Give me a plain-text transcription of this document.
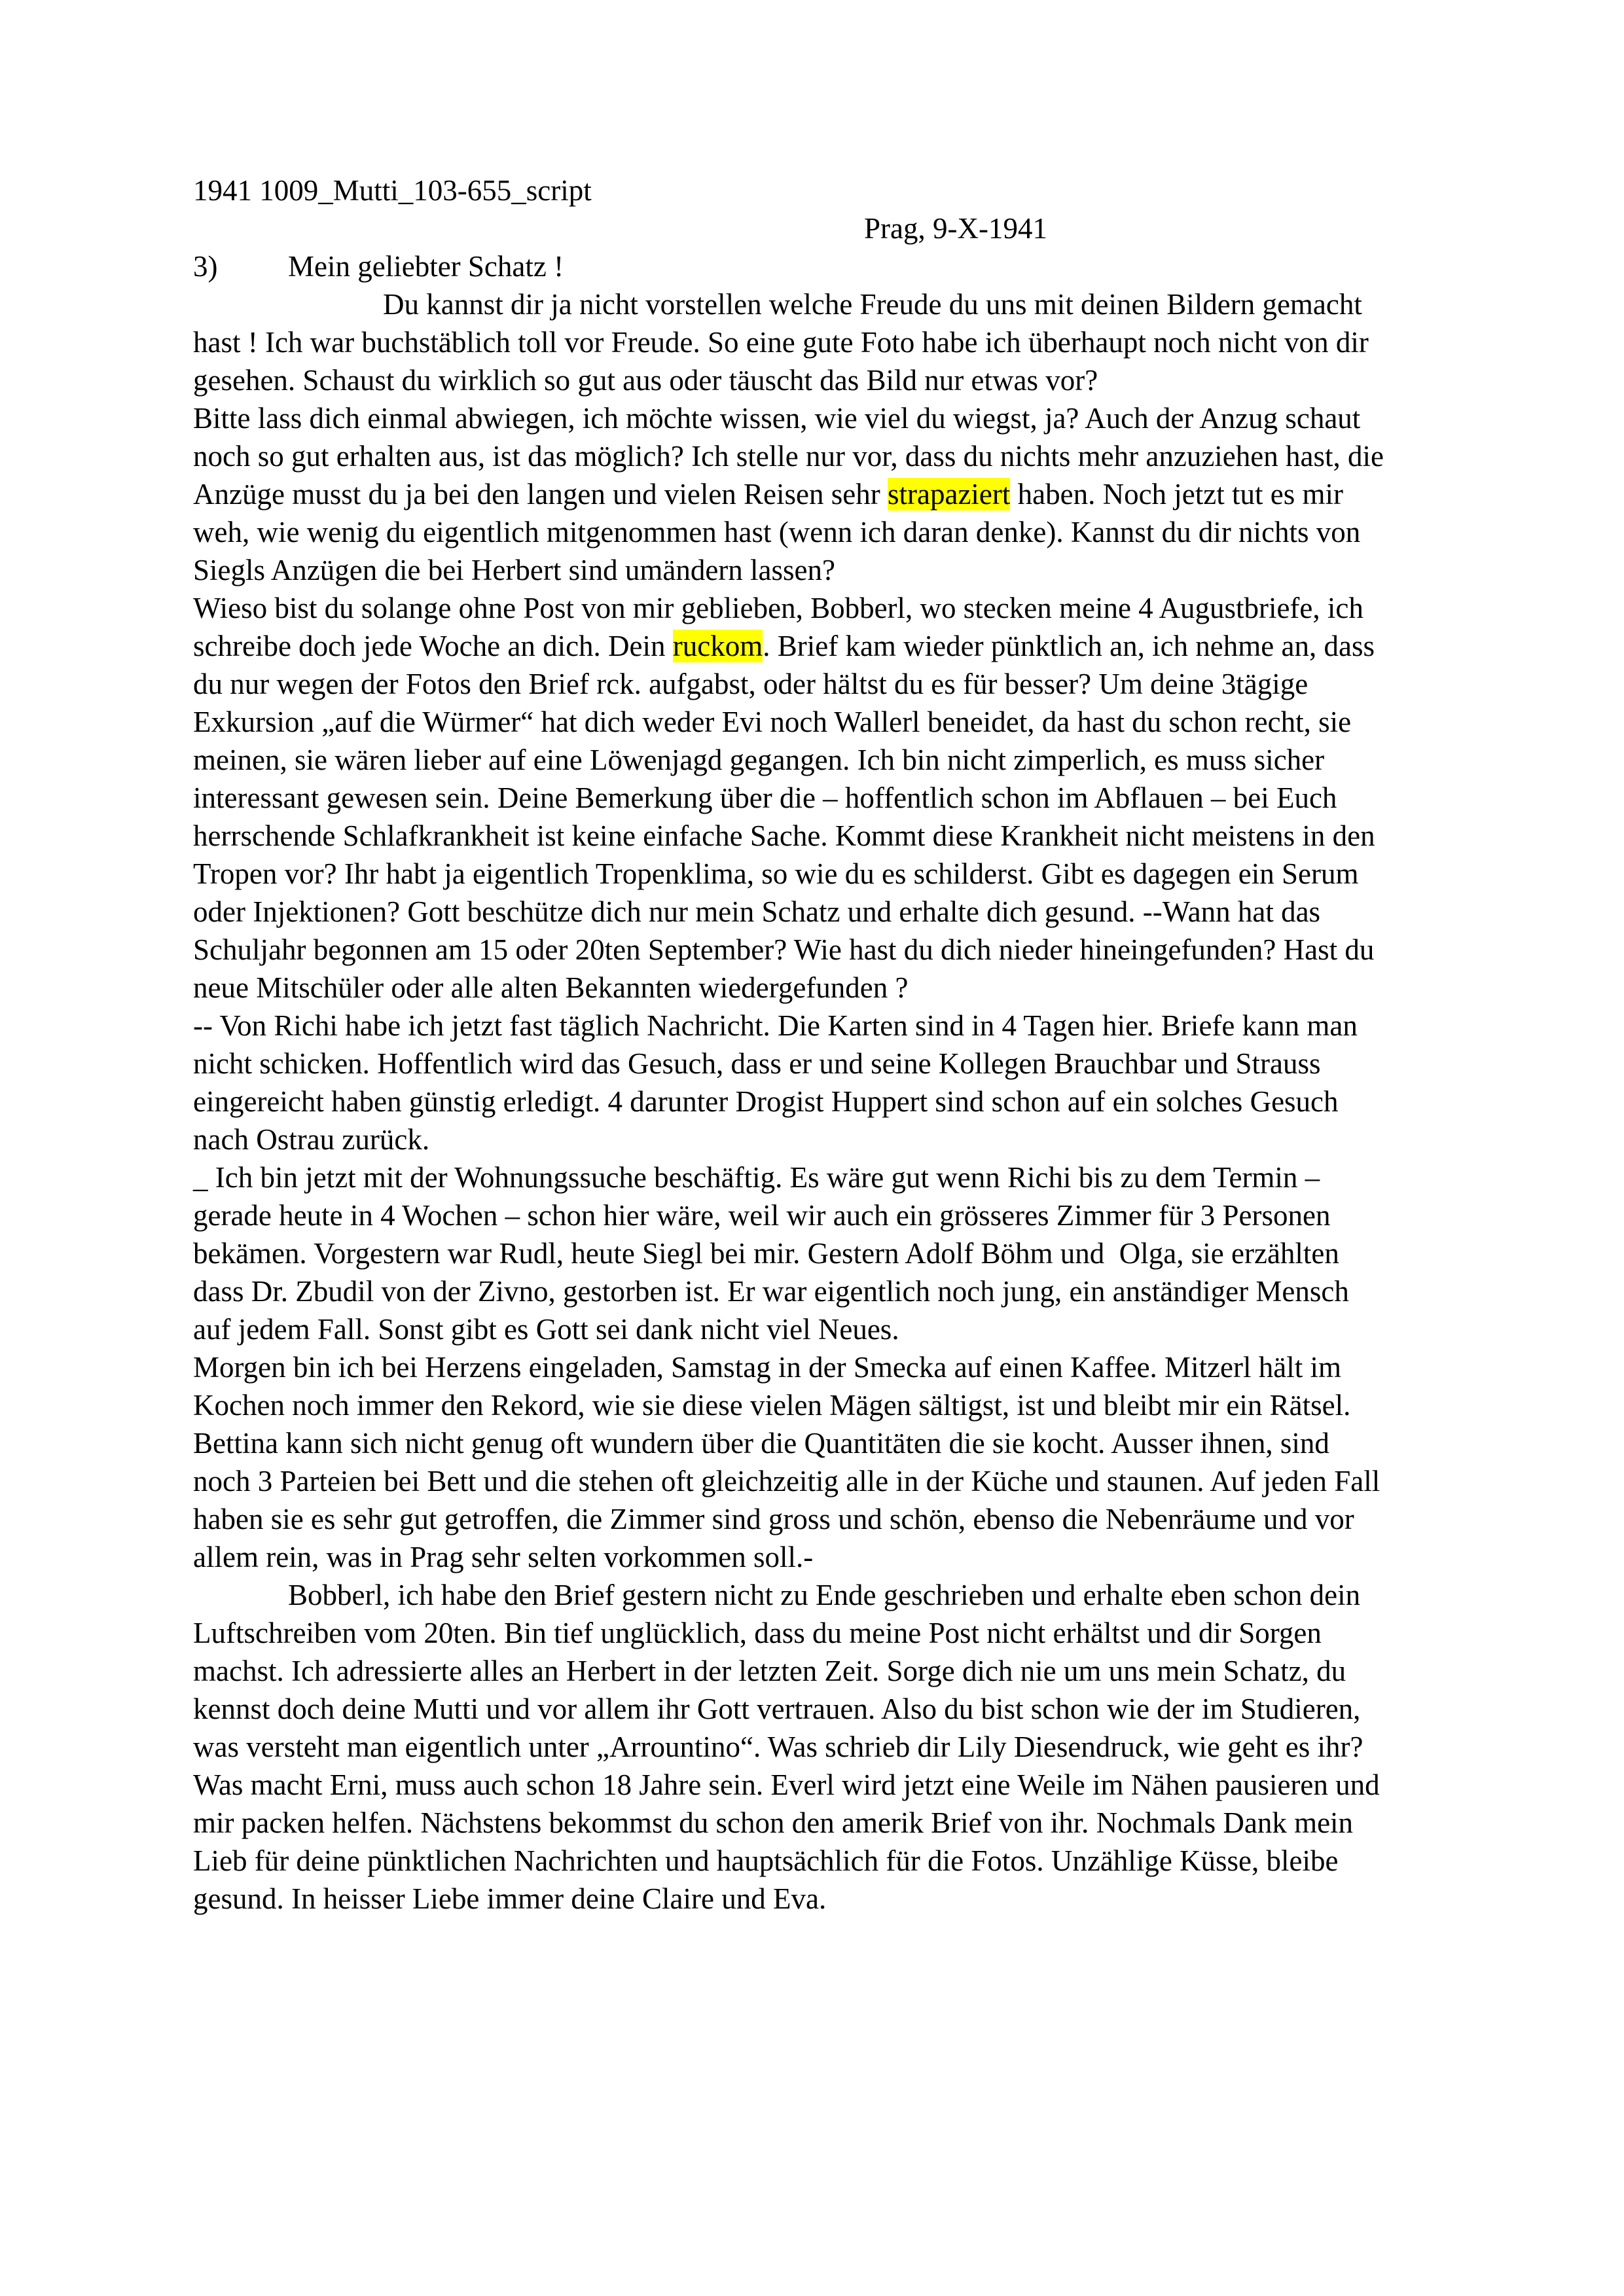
1941 1009_Mutti_103-655_script
Prag, 9-X-1941
3) Mein geliebter Schatz !
Du kannst dir ja nicht vorstellen welche Freude du uns mit deinen Bildern gemacht
hast ! Ich war buchstäblich toll vor Freude. So eine gute Foto habe ich überhaupt noch nicht von dir
gesehen. Schaust du wirklich so gut aus oder täuscht das Bild nur etwas vor?
Bitte lass dich einmal abwiegen, ich möchte wissen, wie viel du wiegst, ja? Auch der Anzug schaut
noch so gut erhalten aus, ist das möglich? Ich stelle nur vor, dass du nichts mehr anzuziehen hast, die
Anzüge musst du ja bei den langen und vielen Reisen sehr strapaziert haben. Noch jetzt tut es mir
weh, wie wenig du eigentlich mitgenommen hast (wenn ich daran denke). Kannst du dir nichts von
Siegls Anzügen die bei Herbert sind umändern lassen?
Wieso bist du solange ohne Post von mir geblieben, Bobberl, wo stecken meine 4 Augustbriefe, ich
schreibe doch jede Woche an dich. Dein ruckom. Brief kam wieder pünktlich an, ich nehme an, dass
du nur wegen der Fotos den Brief rck. aufgabst, oder hältst du es für besser? Um deine 3tägige
Exkursion „auf die Würmer“ hat dich weder Evi noch Wallerl beneidet, da hast du schon recht, sie
meinen, sie wären lieber auf eine Löwenjagd gegangen. Ich bin nicht zimperlich, es muss sicher
interessant gewesen sein. Deine Bemerkung über die – hoffentlich schon im Abflauen – bei Euch
herrschende Schlafkrankheit ist keine einfache Sache. Kommt diese Krankheit nicht meistens in den
Tropen vor? Ihr habt ja eigentlich Tropenklima, so wie du es schilderst. Gibt es dagegen ein Serum
oder Injektionen? Gott beschütze dich nur mein Schatz und erhalte dich gesund. --Wann hat das
Schuljahr begonnen am 15 oder 20ten September? Wie hast du dich nieder hineingefunden? Hast du
neue Mitschüler oder alle alten Bekannten wiedergefunden ?
-- Von Richi habe ich jetzt fast täglich Nachricht. Die Karten sind in 4 Tagen hier. Briefe kann man
nicht schicken. Hoffentlich wird das Gesuch, dass er und seine Kollegen Brauchbar und Strauss
eingereicht haben günstig erledigt. 4 darunter Drogist Huppert sind schon auf ein solches Gesuch
nach Ostrau zurück.
_ Ich bin jetzt mit der Wohnungssuche beschäftig. Es wäre gut wenn Richi bis zu dem Termin –
gerade heute in 4 Wochen – schon hier wäre, weil wir auch ein grösseres Zimmer für 3 Personen
bekämen. Vorgestern war Rudl, heute Siegl bei mir. Gestern Adolf Böhm und  Olga, sie erzählten
dass Dr. Zbudil von der Zivno, gestorben ist. Er war eigentlich noch jung, ein anständiger Mensch
auf jedem Fall. Sonst gibt es Gott sei dank nicht viel Neues.
Morgen bin ich bei Herzens eingeladen, Samstag in der Smecka auf einen Kaffee. Mitzerl hält im
Kochen noch immer den Rekord, wie sie diese vielen Mägen sältigst, ist und bleibt mir ein Rätsel.
Bettina kann sich nicht genug oft wundern über die Quantitäten die sie kocht. Ausser ihnen, sind
noch 3 Parteien bei Bett und die stehen oft gleichzeitig alle in der Küche und staunen. Auf jeden Fall
haben sie es sehr gut getroffen, die Zimmer sind gross und schön, ebenso die Nebenräume und vor
allem rein, was in Prag sehr selten vorkommen soll.-
Bobberl, ich habe den Brief gestern nicht zu Ende geschrieben und erhalte eben schon dein
Luftschreiben vom 20ten. Bin tief unglücklich, dass du meine Post nicht erhältst und dir Sorgen
machst. Ich adressierte alles an Herbert in der letzten Zeit. Sorge dich nie um uns mein Schatz, du
kennst doch deine Mutti und vor allem ihr Gott vertrauen. Also du bist schon wie der im Studieren,
was versteht man eigentlich unter „Arrountino“. Was schrieb dir Lily Diesendruck, wie geht es ihr?
Was macht Erni, muss auch schon 18 Jahre sein. Everl wird jetzt eine Weile im Nähen pausieren und
mir packen helfen. Nächstens bekommst du schon den amerik Brief von ihr. Nochmals Dank mein
Lieb für deine pünktlichen Nachrichten und hauptsächlich für die Fotos. Unzählige Küsse, bleibe
gesund. In heisser Liebe immer deine Claire und Eva.
